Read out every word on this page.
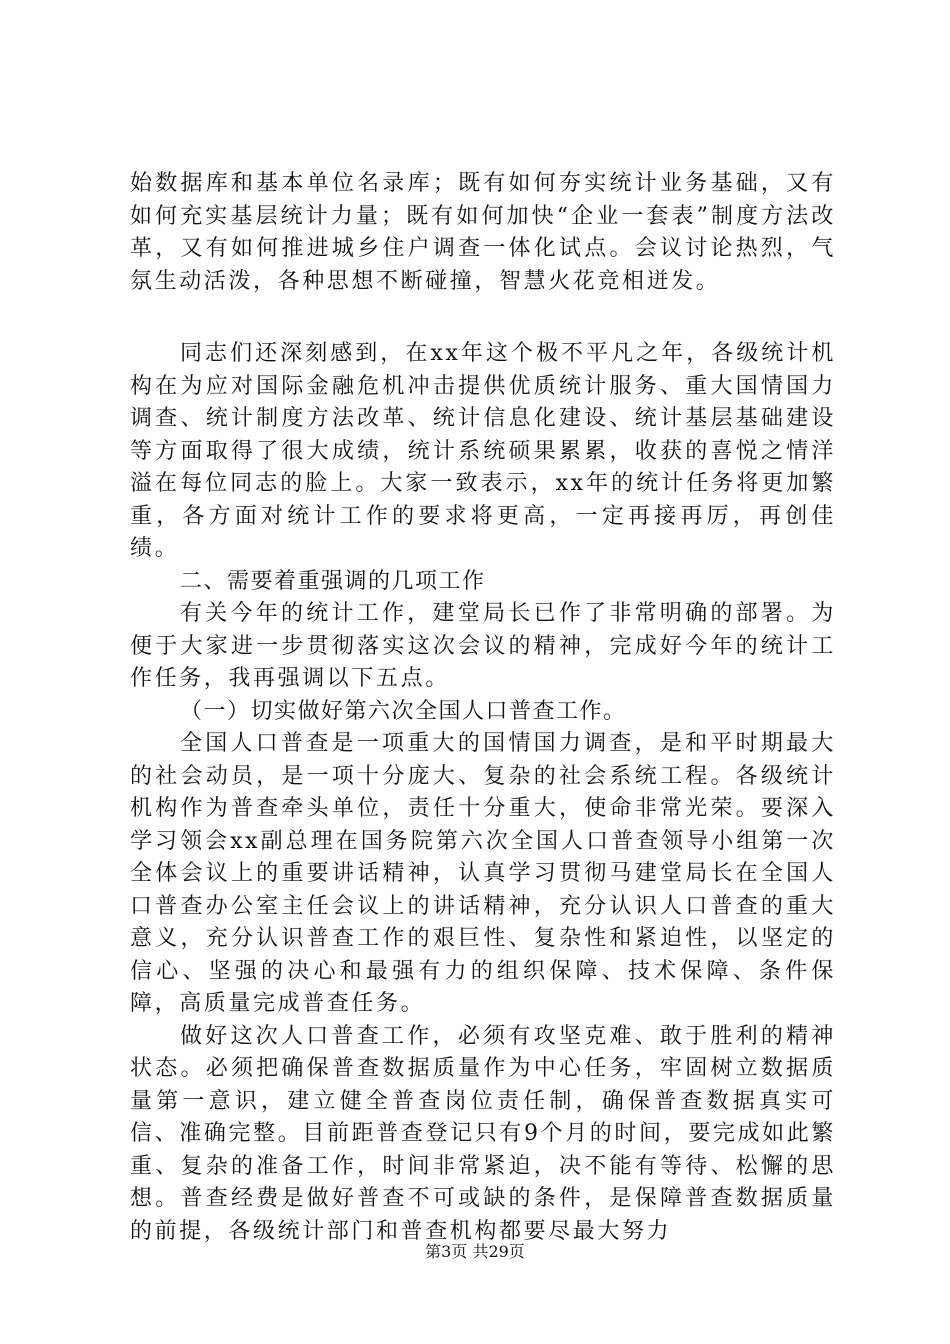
始数据库和基本单位名录库；既有如何夯实统计业务基础，又有如何充实基层统计力量；既有如何加快“企业一套表”制度方法改革，又有如何推进城乡住户调查一体化试点。会议讨论热烈，气氛生动活泼，各种思想不断碰撞，智慧火花竞相迸发。

同志们还深刻感到，在xx年这个极不平凡之年，各级统计机构在为应对国际金融危机冲击提供优质统计服务、重大国情国力调查、统计制度方法改革、统计信息化建设、统计基层基础建设等方面取得了很大成绩，统计系统硕果累累，收获的喜悦之情洋溢在每位同志的脸上。大家一致表示，xx年的统计任务将更加繁重，各方面对统计工作的要求将更高，一定再接再厉，再创佳绩。

二、需要着重强调的几项工作

有关今年的统计工作，建堂局长已作了非常明确的部署。为便于大家进一步贯彻落实这次会议的精神，完成好今年的统计工作任务，我再强调以下五点。

（一）切实做好第六次全国人口普查工作。

全国人口普查是一项重大的国情国力调查，是和平时期最大的社会动员，是一项十分庞大、复杂的社会系统工程。各级统计机构作为普查牵头单位，责任十分重大，使命非常光荣。要深入学习领会xx副总理在国务院第六次全国人口普查领导小组第一次全体会议上的重要讲话精神，认真学习贯彻马建堂局长在全国人口普查办公室主任会议上的讲话精神，充分认识人口普查的重大意义，充分认识普查工作的艰巨性、复杂性和紧迫性，以坚定的信心、坚强的决心和最强有力的组织保障、技术保障、条件保障，高质量完成普查任务。

做好这次人口普查工作，必须有攻坚克难、敢于胜利的精神状态。必须把确保普查数据质量作为中心任务，牢固树立数据质量第一意识，建立健全普查岗位责任制，确保普查数据真实可信、准确完整。目前距普查登记只有9个月的时间，要完成如此繁重、复杂的准备工作，时间非常紧迫，决不能有等待、松懈的思想。普查经费是做好普查不可或缺的条件，是保障普查数据质量的前提，各级统计部门和普查机构都要尽最大努力

第3页 共29页
